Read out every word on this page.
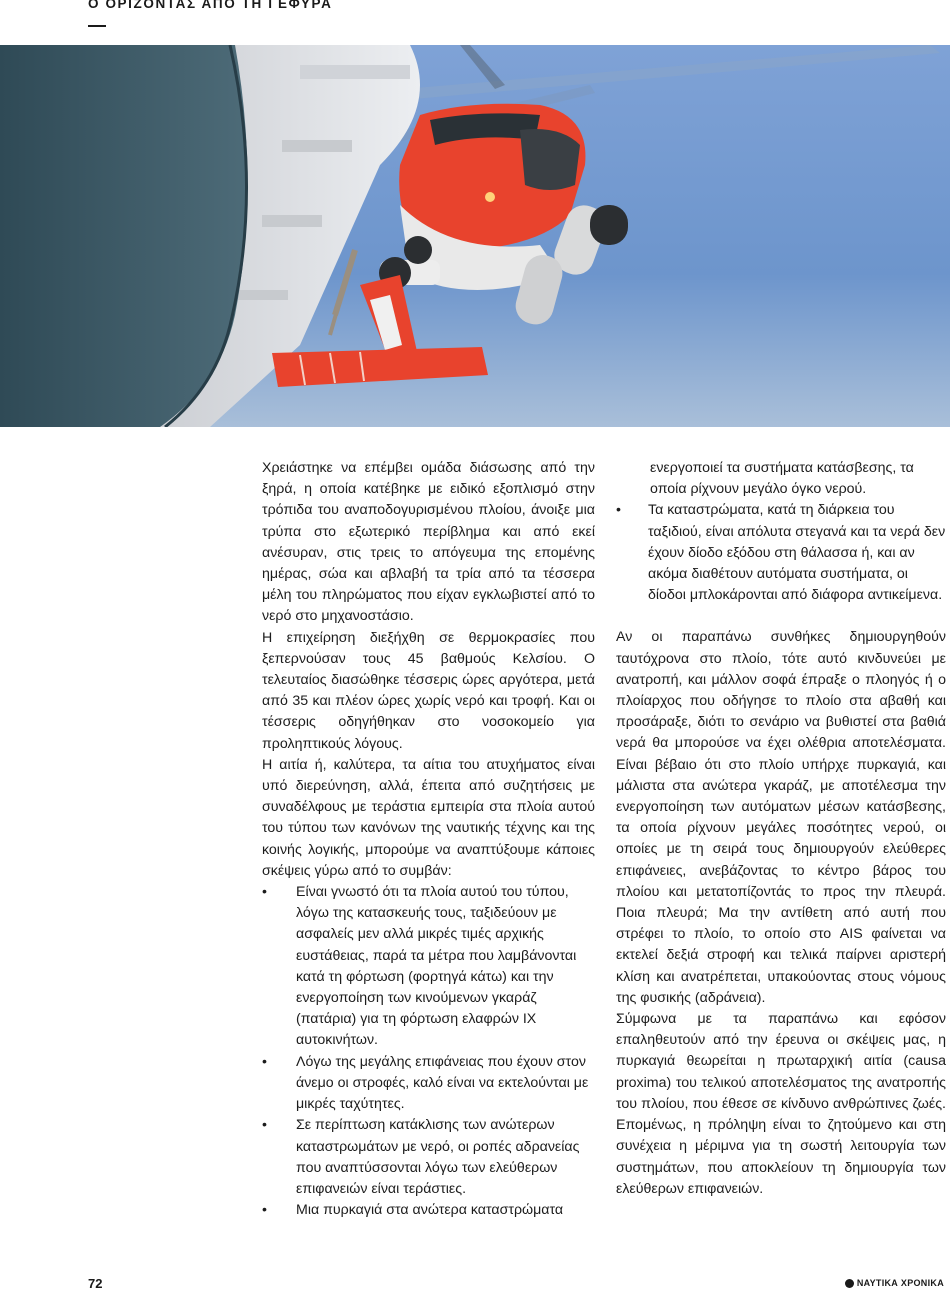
Ο ΟΡΙΖΟΝΤΑΣ ΑΠΟ ΤΗ ΓΕΦΥΡΑ

Χρειάστηκε να επέμβει ομάδα διάσωσης από την ξηρά, η οποία κατέβηκε με ειδικό εξοπλισμό στην τρόπιδα του αναποδογυρισμένου πλοίου, άνοιξε μια τρύπα στο εξωτερικό περίβλημα και από εκεί ανέσυραν, στις τρεις το απόγευμα της επομένης ημέρας, σώα και αβλαβή τα τρία από τα τέσσερα μέλη του πληρώματος που είχαν εγκλωβιστεί από το νερό στο μηχανοστάσιο.

Η επιχείρηση διεξήχθη σε θερμοκρασίες που ξεπερνούσαν τους 45 βαθμούς Κελσίου. Ο τελευταίος διασώθηκε τέσσερις ώρες αργότερα, μετά από 35 και πλέον ώρες χωρίς νερό και τροφή. Και οι τέσσερις οδηγήθηκαν στο νοσοκομείο για προληπτικούς λόγους.

Η αιτία ή, καλύτερα, τα αίτια του ατυχήματος είναι υπό διερεύνηση, αλλά, έπειτα από συζητήσεις με συναδέλφους με τεράστια εμπειρία στα πλοία αυτού του τύπου των κανόνων της ναυτικής τέχνης και της κοινής λογικής, μπορούμε να αναπτύξουμε κάποιες σκέψεις γύρω από το συμβάν:

• Είναι γνωστό ότι τα πλοία αυτού του τύπου, λόγω της κατασκευής τους, ταξιδεύουν με ασφαλείς μεν αλλά μικρές τιμές αρχικής ευστάθειας, παρά τα μέτρα που λαμβάνονται κατά τη φόρτωση (φορτηγά κάτω) και την ενεργοποίηση των κινούμενων γκαράζ (πατάρια) για τη φόρτωση ελαφρών ΙΧ αυτοκινήτων.
• Λόγω της μεγάλης επιφάνειας που έχουν στον άνεμο οι στροφές, καλό είναι να εκτελούνται με μικρές ταχύτητες.
• Σε περίπτωση κατάκλισης των ανώτερων καταστρωμάτων με νερό, οι ροπές αδρανείας που αναπτύσσονται λόγω των ελεύθερων επιφανειών είναι τεράστιες.
• Μια πυρκαγιά στα ανώτερα καταστρώματα

ενεργοποιεί τα συστήματα κατάσβεσης, τα οποία ρίχνουν μεγάλο όγκο νερού.

• Τα καταστρώματα, κατά τη διάρκεια του ταξιδιού, είναι απόλυτα στεγανά και τα νερά δεν έχουν δίοδο εξόδου στη θάλασσα ή, και αν ακόμα διαθέτουν αυτόματα συστήματα, οι δίοδοι μπλοκάρονται από διάφορα αντικείμενα.

Αν οι παραπάνω συνθήκες δημιουργηθούν ταυτόχρονα στο πλοίο, τότε αυτό κινδυνεύει με ανατροπή, και μάλλον σοφά έπραξε ο πλοηγός ή ο πλοίαρχος που οδήγησε το πλοίο στα αβαθή και προσάραξε, διότι το σενάριο να βυθιστεί στα βαθιά νερά θα μπορούσε να έχει ολέθρια αποτελέσματα. Είναι βέβαιο ότι στο πλοίο υπήρχε πυρκαγιά, και μάλιστα στα ανώτερα γκαράζ, με αποτέλεσμα την ενεργοποίηση των αυτόματων μέσων κατάσβεσης, τα οποία ρίχνουν μεγάλες ποσότητες νερού, οι οποίες με τη σειρά τους δημιουργούν ελεύθερες επιφάνειες, ανεβάζοντας το κέντρο βάρος του πλοίου και μετατοπίζοντάς το προς την πλευρά. Ποια πλευρά; Μα την αντίθετη από αυτή που στρέφει το πλοίο, το οποίο στο AIS φαίνεται να εκτελεί δεξιά στροφή και τελικά παίρνει αριστερή κλίση και ανατρέπεται, υπακούοντας στους νόμους της φυσικής (αδράνεια).

Σύμφωνα με τα παραπάνω και εφόσον επαληθευτούν από την έρευνα οι σκέψεις μας, η πυρκαγιά θεωρείται η πρωταρχική αιτία (causa proxima) του τελικού αποτελέσματος της ανατροπής του πλοίου, που έθεσε σε κίνδυνο ανθρώπινες ζωές. Επομένως, η πρόληψη είναι το ζητούμενο και στη συνέχεια η μέριμνα για τη σωστή λειτουργία των συστημάτων, που αποκλείουν τη δημιουργία των ελεύθερων επιφανειών.

72	ΝΑΥΤΙΚΑ ΧΡΟΝΙΚΑ
